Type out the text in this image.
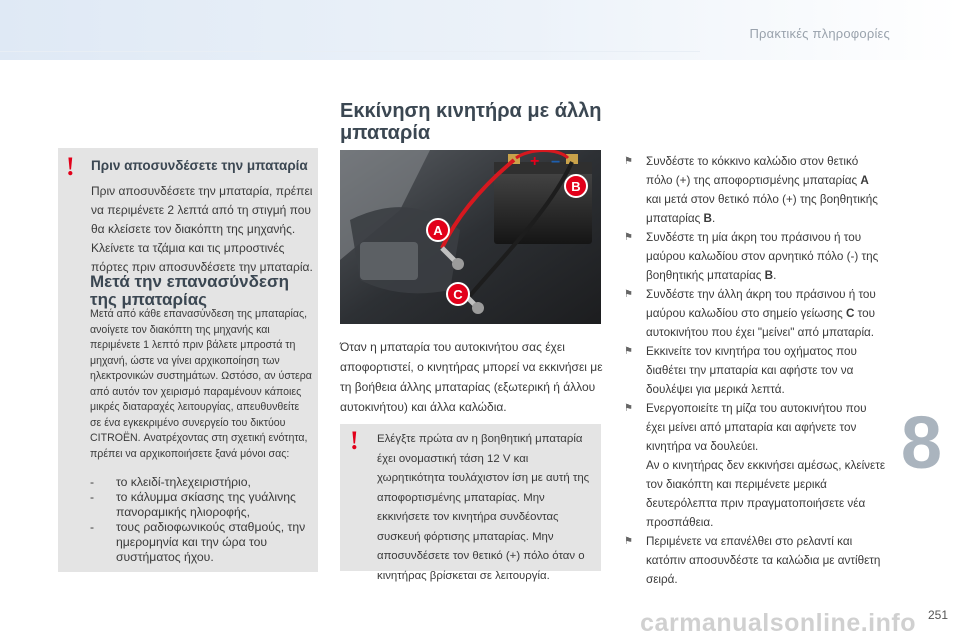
Πρακτικές πληροφορίες
! Πριν αποσυνδέσετε την μπαταρία
Πριν αποσυνδέσετε την μπαταρία, πρέπει να περιμένετε 2 λεπτά από τη στιγμή που θα κλείσετε τον διακόπτη της μηχανής. Κλείνετε τα τζάμια και τις μπροστινές πόρτες πριν αποσυνδέσετε την μπαταρία.
Μετά την επανασύνδεση της μπαταρίας
Μετά από κάθε επανασύνδεση της μπαταρίας, ανοίγετε τον διακόπτη της μηχανής και περιμένετε 1 λεπτό πριν βάλετε μπροστά τη μηχανή, ώστε να γίνει αρχικοποίηση των ηλεκτρονικών συστημάτων. Ωστόσο, αν ύστερα από αυτόν τον χειρισμό παραμένουν κάποιες μικρές διαταραχές λειτουργίας, απευθυνθείτε σε ένα εγκεκριμένο συνεργείο του δικτύου CITROËN. Ανατρέχοντας στη σχετική ενότητα, πρέπει να αρχικοποιήσετε ξανά μόνοι σας:
- το κλειδί-τηλεχειριστήριο,
- το κάλυμμα σκίασης της γυάλινης πανοραμικής ηλιοροφής,
- τους ραδιοφωνικούς σταθμούς, την ημερομηνία και την ώρα του συστήματος ήχου.
Εκκίνηση κινητήρα με άλλη μπαταρία
+ −
A
B
C
Όταν η μπαταρία του αυτοκινήτου σας έχει αποφορτιστεί, ο κινητήρας μπορεί να εκκινήσει με τη βοήθεια άλλης μπαταρίας (εξωτερική ή άλλου αυτοκινήτου) και άλλα καλώδια.
! Ελέγξτε πρώτα αν η βοηθητική μπαταρία έχει ονομαστική τάση 12 V και χωρητικότητα τουλάχιστον ίση με αυτή της αποφορτισμένης μπαταρίας. Μην εκκινήσετε τον κινητήρα συνδέοντας συσκευή φόρτισης μπαταρίας. Μην αποσυνδέσετε τον θετικό (+) πόλο όταν ο κινητήρας βρίσκεται σε λειτουργία.
⚑ Συνδέστε το κόκκινο καλώδιο στον θετικό πόλο (+) της αποφορτισμένης μπαταρίας A και μετά στον θετικό πόλο (+) της βοηθητικής μπαταρίας B.
⚑ Συνδέστε τη μία άκρη του πράσινου ή του μαύρου καλωδίου στον αρνητικό πόλο (-) της βοηθητικής μπαταρίας B.
⚑ Συνδέστε την άλλη άκρη του πράσινου ή του μαύρου καλωδίου στο σημείο γείωσης C του αυτοκινήτου που έχει "μείνει" από μπαταρία.
⚑ Εκκινείτε τον κινητήρα του οχήματος που διαθέτει την μπαταρία και αφήστε τον να δουλέψει για μερικά λεπτά.
⚑ Ενεργοποιείτε τη μίζα του αυτοκινήτου που έχει μείνει από μπαταρία και αφήνετε τον κινητήρα να δουλεύει.
Αν ο κινητήρας δεν εκκινήσει αμέσως, κλείνετε τον διακόπτη και περιμένετε μερικά δευτερόλεπτα πριν πραγματοποιήσετε νέα προσπάθεια.
⚑ Περιμένετε να επανέλθει στο ρελαντί και κατόπιν αποσυνδέστε τα καλώδια με αντίθετη σειρά.
8
carmanualsonline.info 251
